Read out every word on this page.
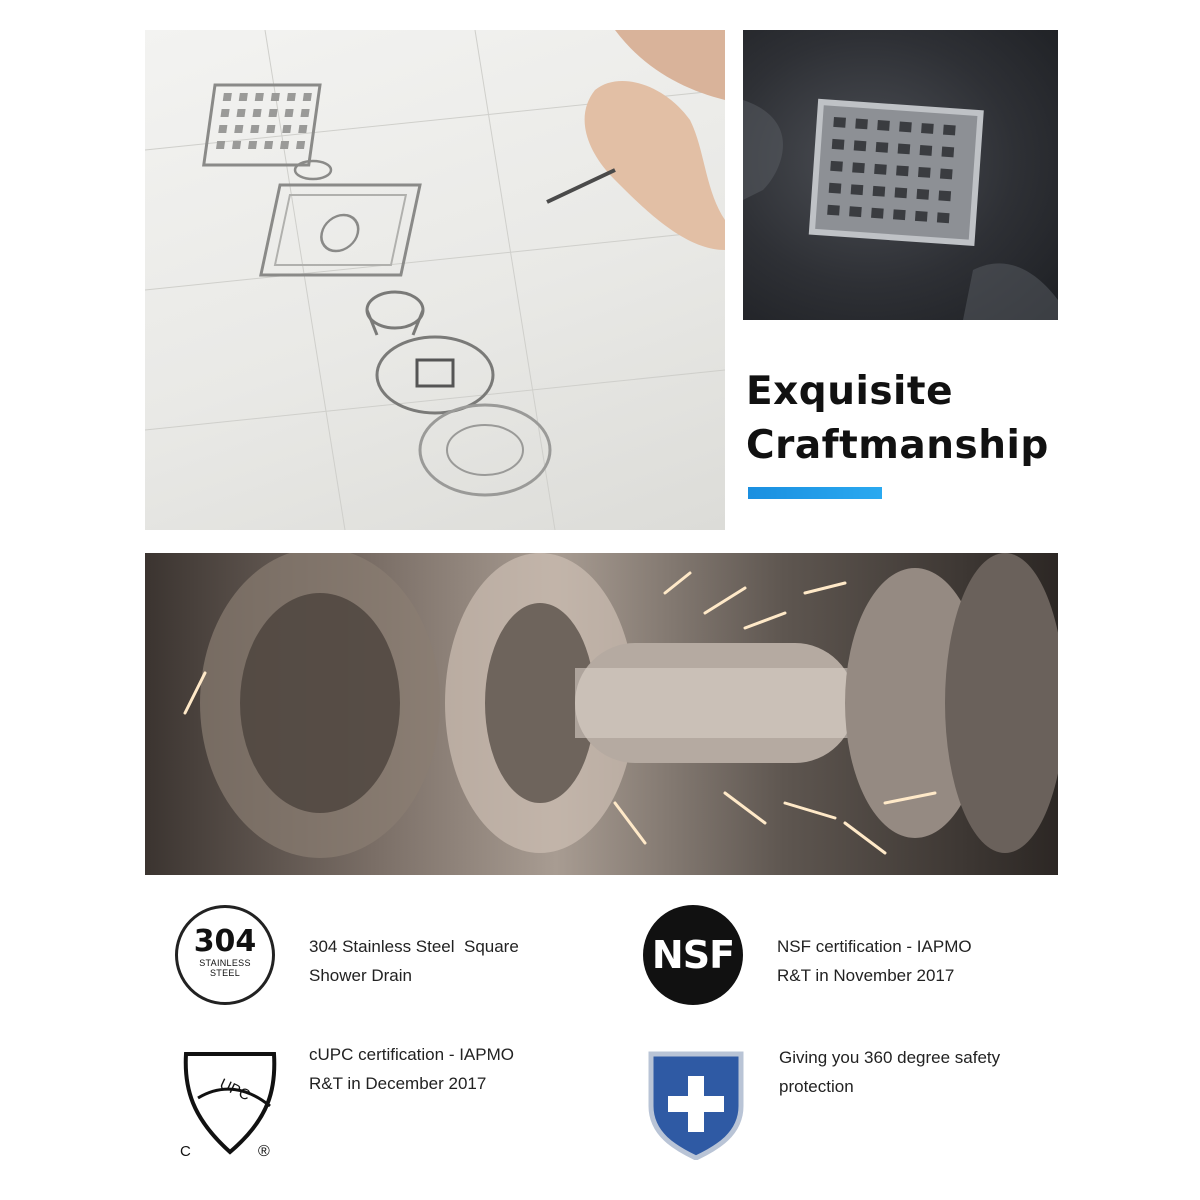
Exquisite
Craftmanship
304
STAINLESS
STEEL
304 Stainless Steel  Square
Shower Drain	NSF	NSF certification - IAPMO
R&T in November 2017
UPC
C	®
cUPC certification - IAPMO
R&T in December 2017
Giving you 360 degree safety
protection
